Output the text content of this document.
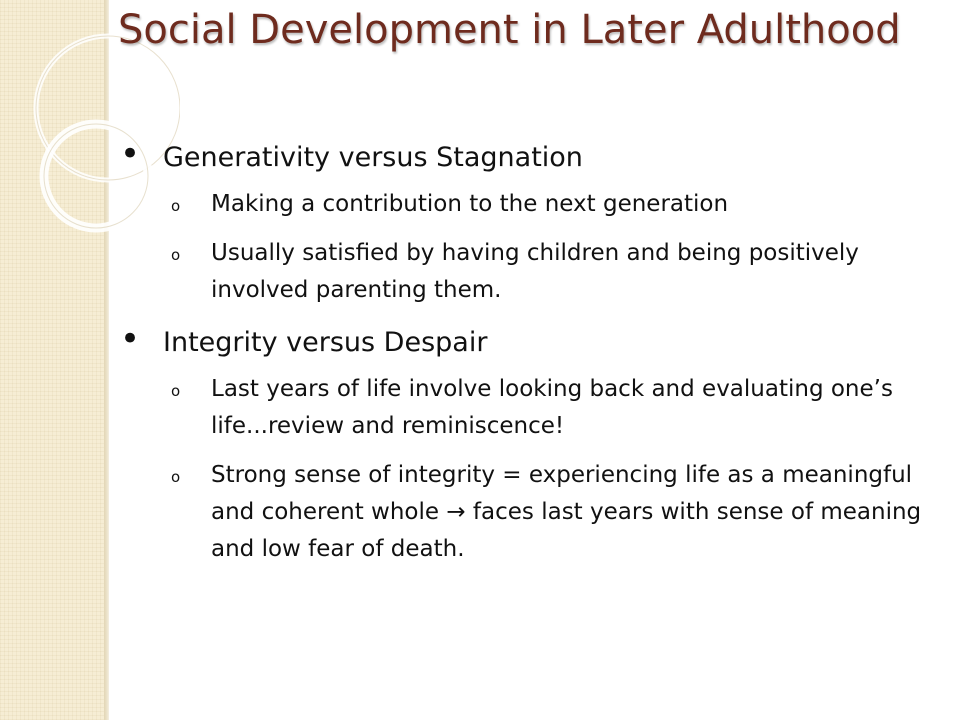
Social Development in Later Adulthood
• Generativity versus Stagnation
o Making a contribution to the next generation
o Usually satisfied by having children and being positively involved parenting them.
• Integrity versus Despair
o Last years of life involve looking back and evaluating one’s life...review and reminiscence!
o Strong sense of integrity = experiencing life as a meaningful and coherent whole → faces last years with sense of meaning and low fear of death.
